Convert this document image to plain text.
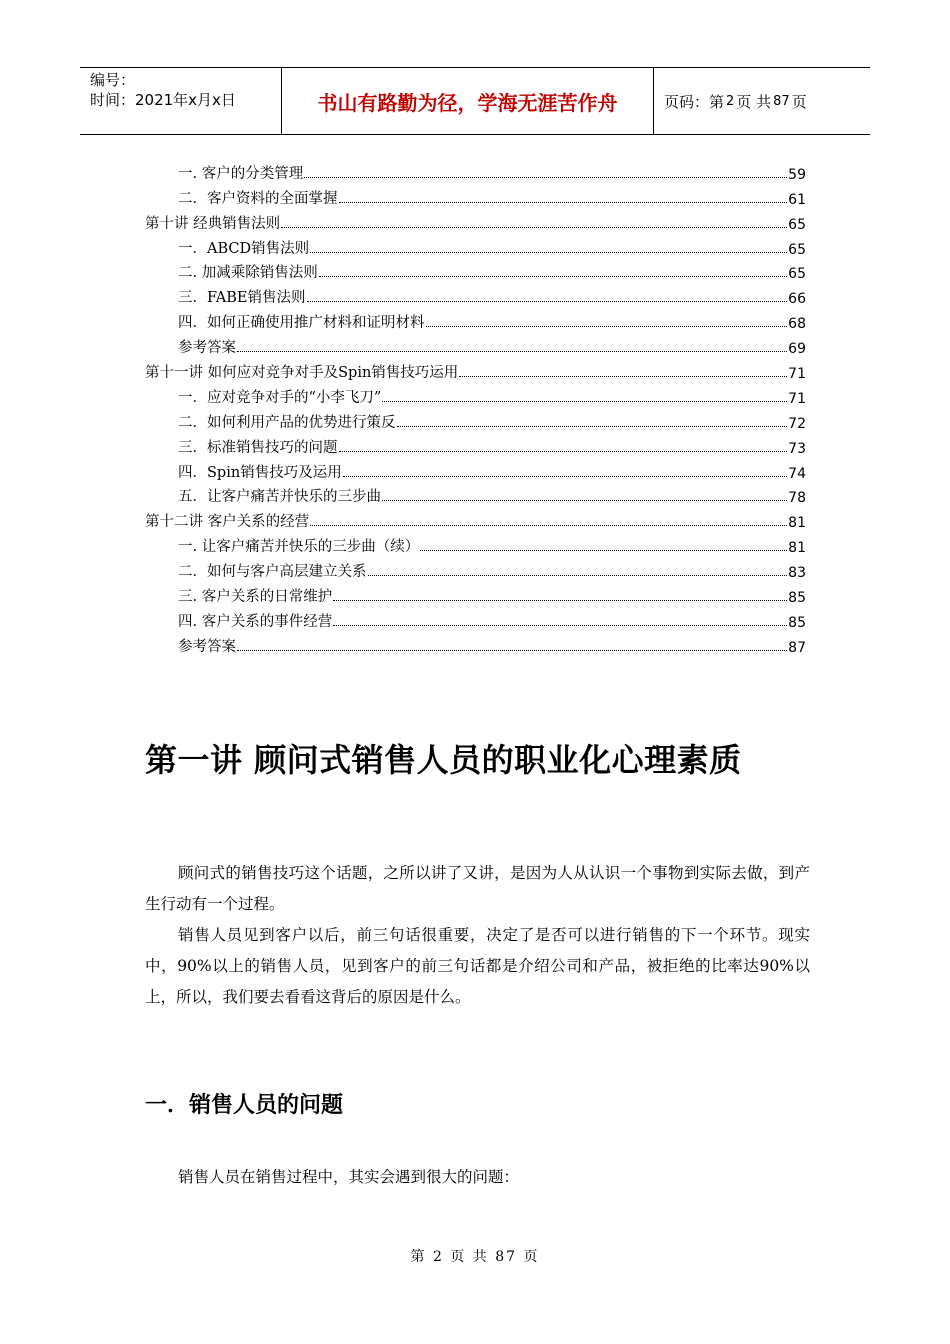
编号：
时间：2021年x月x日	书山有路勤为径，学海无涯苦作舟	页码：第 2 页 共 87 页
一. 客户的分类管理	59
二．客户资料的全面掌握	61
第十讲 经典销售法则	65
一．ABCD销售法则	65
二. 加减乘除销售法则	65
三．FABE销售法则	66
四．如何正确使用推广材料和证明材料	68
参考答案	69
第十一讲 如何应对竞争对手及Spin销售技巧运用	71
一．应对竞争对手的“小李飞刀”	71
二．如何利用产品的优势进行策反	72
三．标准销售技巧的问题	73
四．Spin销售技巧及运用	74
五．让客户痛苦并快乐的三步曲	78
第十二讲 客户关系的经营	81
一. 让客户痛苦并快乐的三步曲（续）	81
二．如何与客户高层建立关系	83
三. 客户关系的日常维护	85
四. 客户关系的事件经营	85
参考答案	87
第一讲 顾问式销售人员的职业化心理素质
顾问式的销售技巧这个话题，之所以讲了又讲，是因为人从认识一个事物到实际去做，到产生行动有一个过程。
销售人员见到客户以后，前三句话很重要，决定了是否可以进行销售的下一个环节。现实中，90%以上的销售人员，见到客户的前三句话都是介绍公司和产品，被拒绝的比率达90%以上，所以，我们要去看看这背后的原因是什么。
一．销售人员的问题
销售人员在销售过程中，其实会遇到很大的问题：
第 2 页 共 87 页
